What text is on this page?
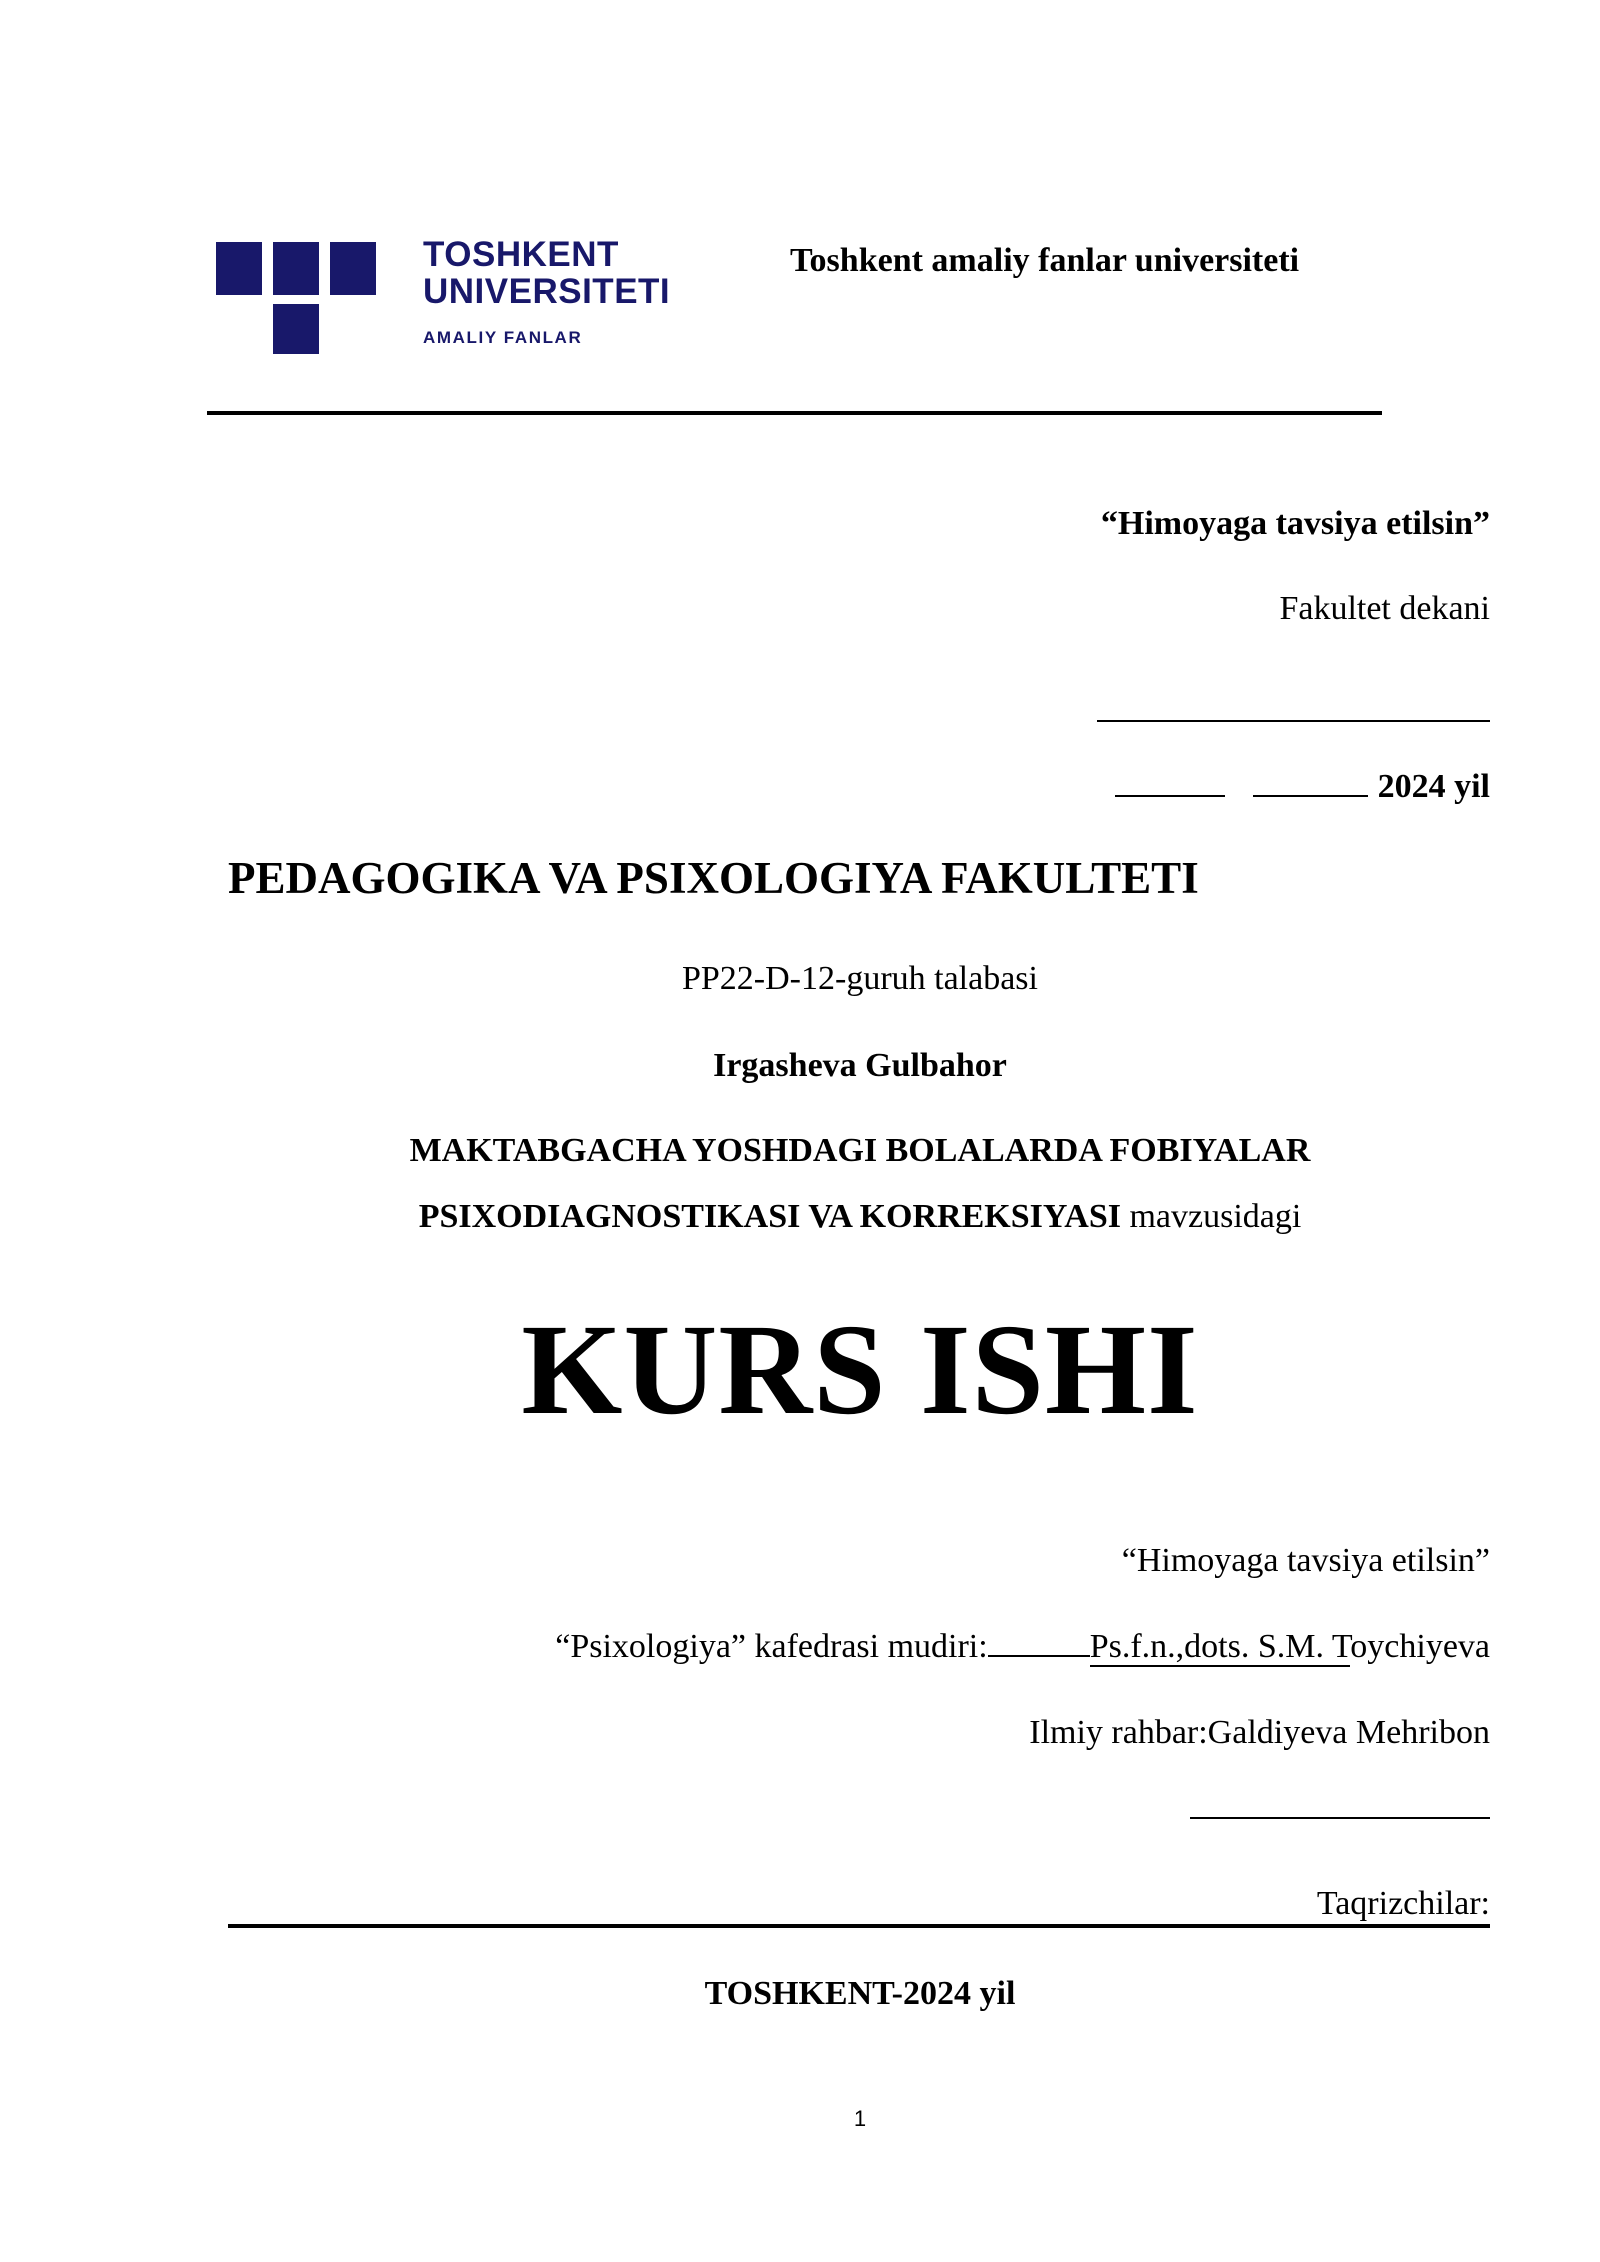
TOSHKENT
UNIVERSITETI
AMALIY FANLAR
Toshkent amaliy fanlar universiteti
“Himoyaga tavsiya etilsin”
Fakultet dekani
2024 yil
PEDAGOGIKA VA PSIXOLOGIYA FAKULTETI
PP22-D-12-guruh talabasi
Irgasheva Gulbahor
MAKTABGACHA YOSHDAGI BOLALARDA FOBIYALAR
PSIXODIAGNOSTIKASI VA KORREKSIYASI mavzusidagi
KURS ISHI
“Himoyaga tavsiya etilsin”
“Psixologiya” kafedrasi mudiri:	Ps.f.n.,dots. S.M. Toychiyeva
Ilmiy rahbar:Galdiyeva Mehribon
Taqrizchilar:
TOSHKENT-2024 yil
1
